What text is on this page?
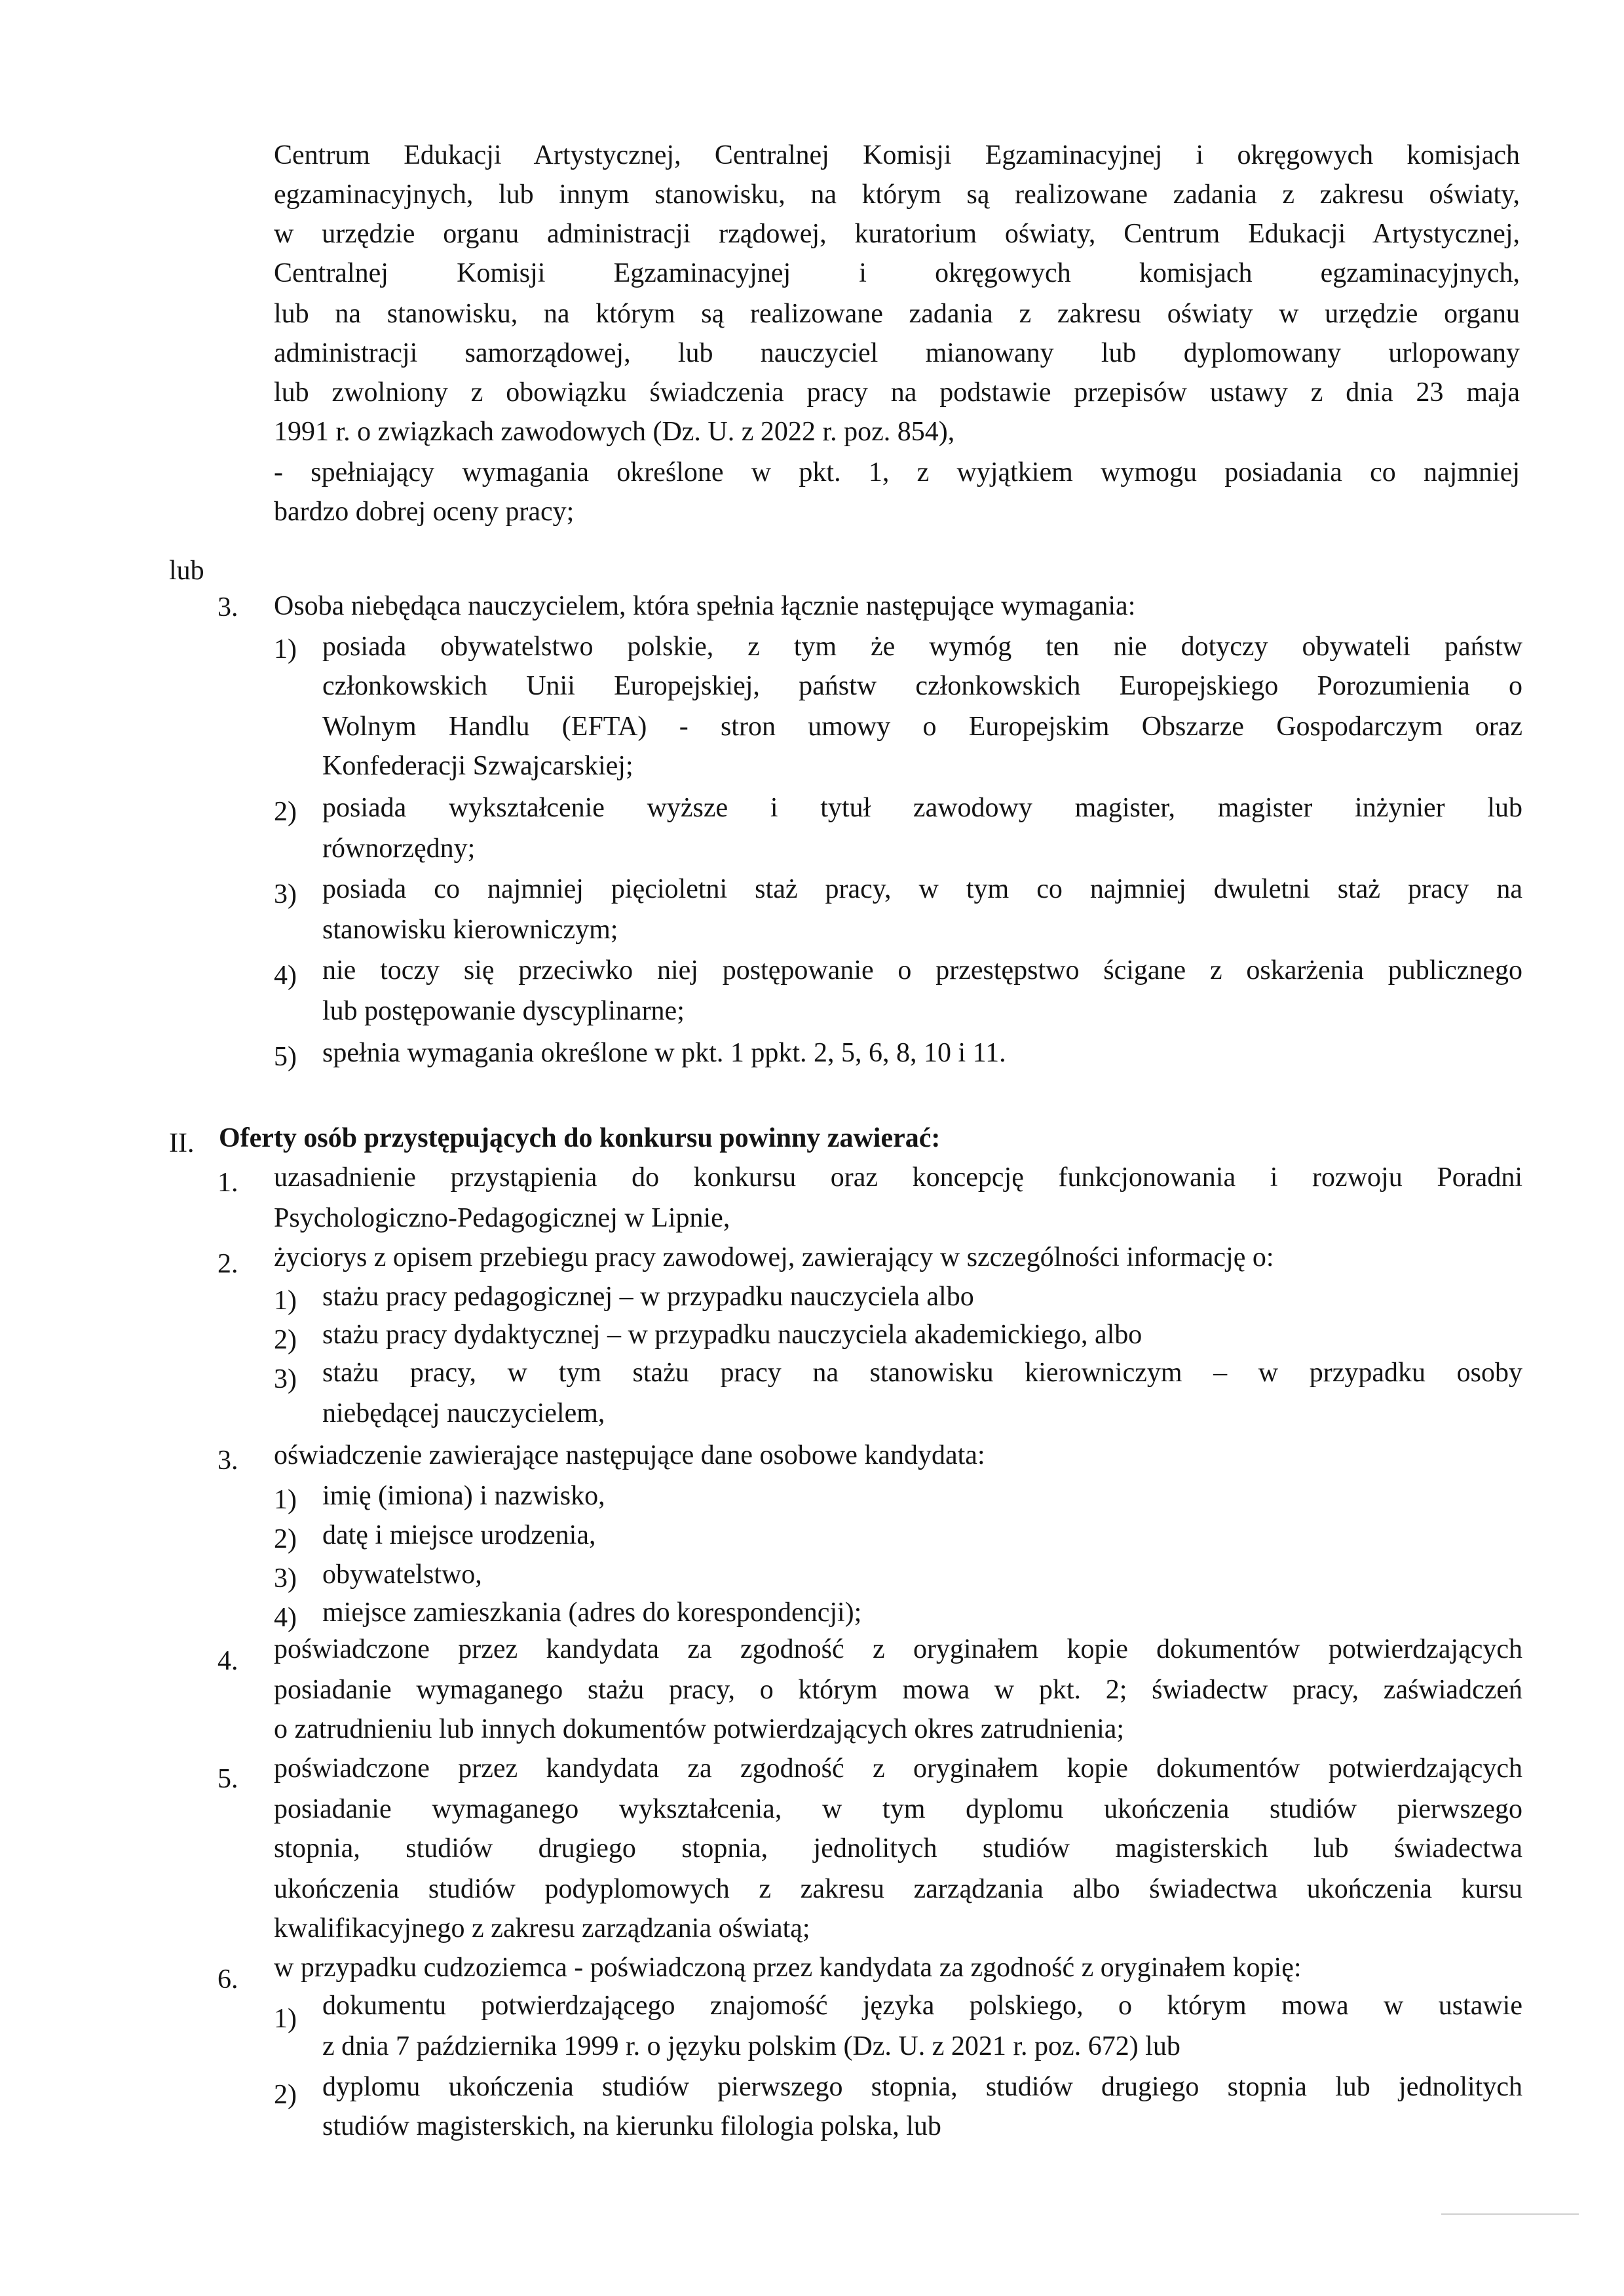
Centrum Edukacji Artystycznej, Centralnej Komisji Egzaminacyjnej i okręgowych komisjach

egzaminacyjnych, lub innym stanowisku, na którym są realizowane zadania z zakresu oświaty,

w urzędzie organu administracji rządowej, kuratorium oświaty, Centrum Edukacji Artystycznej,

Centralnej Komisji Egzaminacyjnej i okręgowych komisjach egzaminacyjnych,

lub na stanowisku, na którym są realizowane zadania z zakresu oświaty w urzędzie organu

administracji samorządowej, lub nauczyciel mianowany lub dyplomowany urlopowany

lub zwolniony z obowiązku świadczenia pracy na podstawie przepisów ustawy z dnia 23 maja

1991 r. o związkach zawodowych (Dz. U. z 2022 r. poz. 854),

- spełniający wymagania określone w pkt. 1, z wyjątkiem wymogu posiadania co najmniej

bardzo dobrej oceny pracy;

lub

3. Osoba niebędąca nauczycielem, która spełnia łącznie następujące wymagania:

1) posiada obywatelstwo polskie, z tym że wymóg ten nie dotyczy obywateli państw

członkowskich Unii Europejskiej, państw członkowskich Europejskiego Porozumienia o

Wolnym Handlu (EFTA) - stron umowy o Europejskim Obszarze Gospodarczym oraz

Konfederacji Szwajcarskiej;

2) posiada wykształcenie wyższe i tytuł zawodowy magister, magister inżynier lub

równorzędny;

3) posiada co najmniej pięcioletni staż pracy, w tym co najmniej dwuletni staż pracy na

stanowisku kierowniczym;

4) nie toczy się przeciwko niej postępowanie o przestępstwo ścigane z oskarżenia publicznego

lub postępowanie dyscyplinarne;

5) spełnia wymagania określone w pkt. 1 ppkt. 2, 5, 6, 8, 10 i 11.

II. Oferty osób przystępujących do konkursu powinny zawierać:

1. uzasadnienie przystąpienia do konkursu oraz koncepcję funkcjonowania i rozwoju Poradni

Psychologiczno-Pedagogicznej w Lipnie,

2. życiorys z opisem przebiegu pracy zawodowej, zawierający w szczególności informację o:

1) stażu pracy pedagogicznej – w przypadku nauczyciela albo

2) stażu pracy dydaktycznej – w przypadku nauczyciela akademickiego, albo

3) stażu pracy, w tym stażu pracy na stanowisku kierowniczym – w przypadku osoby

niebędącej nauczycielem,

3. oświadczenie zawierające następujące dane osobowe kandydata:

1) imię (imiona) i nazwisko,

2) datę i miejsce urodzenia,

3) obywatelstwo,

4) miejsce zamieszkania (adres do korespondencji);

4. poświadczone przez kandydata za zgodność z oryginałem kopie dokumentów potwierdzających

posiadanie wymaganego stażu pracy, o którym mowa w pkt. 2; świadectw pracy, zaświadczeń

o zatrudnieniu lub innych dokumentów potwierdzających okres zatrudnienia;

5. poświadczone przez kandydata za zgodność z oryginałem kopie dokumentów potwierdzających

posiadanie wymaganego wykształcenia, w tym dyplomu ukończenia studiów pierwszego

stopnia, studiów drugiego stopnia, jednolitych studiów magisterskich lub świadectwa

ukończenia studiów podyplomowych z zakresu zarządzania albo świadectwa ukończenia kursu

kwalifikacyjnego z zakresu zarządzania oświatą;

6. w przypadku cudzoziemca - poświadczoną przez kandydata za zgodność z oryginałem kopię:

1) dokumentu potwierdzającego znajomość języka polskiego, o którym mowa w ustawie

z dnia 7 października 1999 r. o języku polskim (Dz. U. z 2021 r. poz. 672) lub

2) dyplomu ukończenia studiów pierwszego stopnia, studiów drugiego stopnia lub jednolitych

studiów magisterskich, na kierunku filologia polska, lub
